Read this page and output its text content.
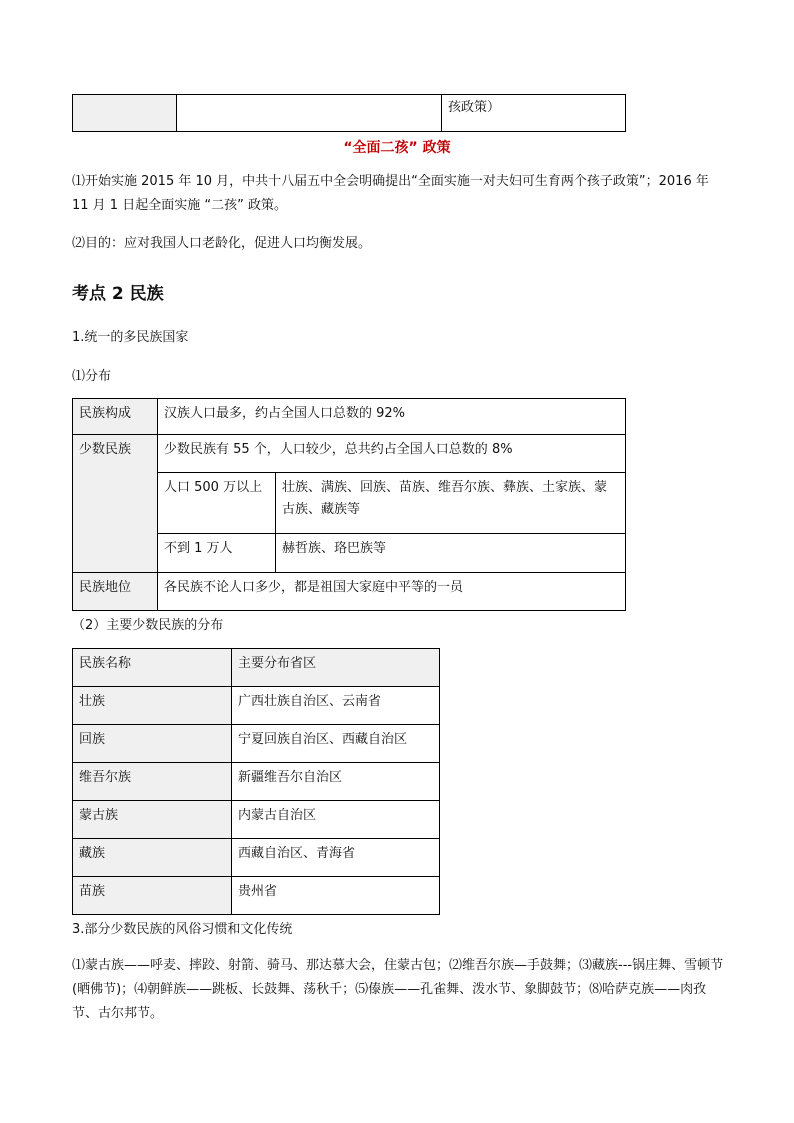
孩政策）
“全面二孩” 政策
⑴开始实施 2015 年 10 月，中共十八届五中全会明确提出“全面实施一对夫妇可生育两个孩子政策”；2016 年 11 月 1 日起全面实施 “二孩” 政策。
⑵目的：应对我国人口老龄化，促进人口均衡发展。
考点 2 民族
1.统一的多民族国家
⑴分布
民族构成	汉族人口最多，约占全国人口总数的 92%	

少数民族	少数民族有 55 个，人口较少，总共约占全国人口总数的 8%	

	人口 500 万以上	壮族、满族、回族、苗族、维吾尔族、彝族、土家族、蒙古族、藏族等

	不到 1 万人	赫哲族、珞巴族等

民族地位	各民族不论人口多少，都是祖国大家庭中平等的一员	
（2）主要少数民族的分布
民族名称	主要分布省区

壮族	广西壮族自治区、云南省

回族	宁夏回族自治区、西藏自治区

维吾尔族	新疆维吾尔自治区

蒙古族	内蒙古自治区

藏族	西藏自治区、青海省

苗族	贵州省
3.部分少数民族的风俗习惯和文化传统
⑴蒙古族——呼麦、摔跤、射箭、骑马、那达慕大会，住蒙古包；⑵维吾尔族—手鼓舞；⑶藏族---锅庄舞、雪顿节(晒佛节)；⑷朝鲜族——跳板、长鼓舞、荡秋千；⑸傣族——孔雀舞、泼水节、象脚鼓节；⑻哈萨克族——肉孜节、古尔邦节。
